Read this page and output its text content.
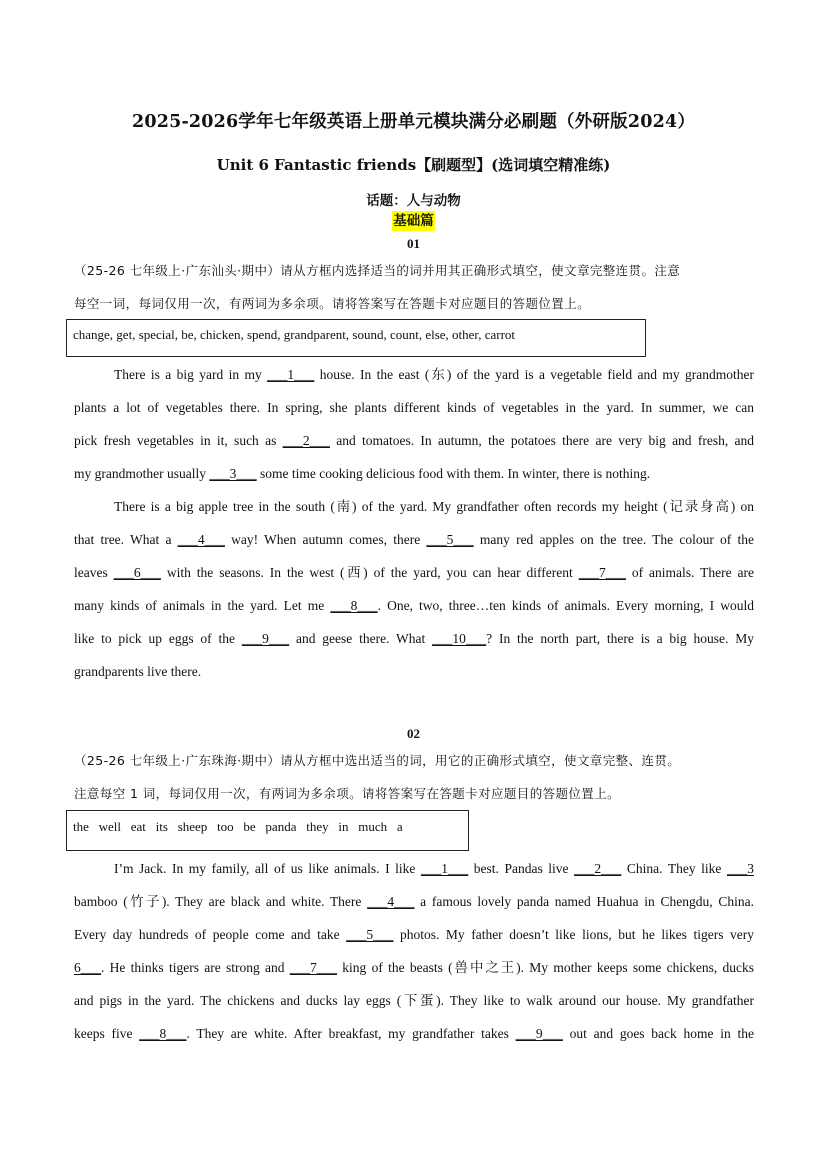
2025-2026学年七年级英语上册单元模块满分必刷题（外研版2024）
Unit 6 Fantastic friends【刷题型】(选词填空精准练)
话题：人与动物
基础篇
01
（25-26 七年级上·广东汕头·期中）请从方框内选择适当的词并用其正确形式填空，使文章完整连贯。注意
每空一词，每词仅用一次，有两词为多余项。请将答案写在答题卡对应题目的答题位置上。
change, get, special, be, chicken, spend, grandparent, sound, count, else, other, carrot
There is a big yard in my ___1___ house. In the east (东) of the yard is a vegetable field and my grandmother
plants a lot of vegetables there. In spring, she plants different kinds of vegetables in the yard. In summer, we can
pick fresh vegetables in it, such as ___2___ and tomatoes. In autumn, the potatoes there are very big and fresh, and
my grandmother usually ___3___ some time cooking delicious food with them. In winter, there is nothing.
There is a big apple tree in the south (南) of the yard. My grandfather often records my height (记录身高) on
that tree. What a ___4___ way! When autumn comes, there ___5___ many red apples on the tree. The colour of the
leaves ___6___ with the seasons. In the west (西) of the yard, you can hear different ___7___ of animals. There are
many kinds of animals in the yard. Let me ___8___. One, two, three…ten kinds of animals. Every morning, I would
like to pick up eggs of the ___9___ and geese there. What ___10___? In the north part, there is a big house. My
grandparents live there.
02
（25-26 七年级上·广东珠海·期中）请从方框中选出适当的词，用它的正确形式填空，使文章完整、连贯。
注意每空 1 词，每词仅用一次，有两词为多余项。请将答案写在答题卡对应题目的答题位置上。
the   well   eat   its   sheep   too   be   panda   they   in   much   a
I’m Jack. In my family, all of us like animals. I like ___1___ best. Pandas live ___2___ China. They like ___3
bamboo (竹子). They are black and white. There ___4___ a famous lovely panda named Huahua in Chengdu, China.
Every day hundreds of people come and take ___5___ photos. My father doesn’t like lions, but he likes tigers very
6___. He thinks tigers are strong and ___7___ king of the beasts (兽中之王). My mother keeps some chickens, ducks
and pigs in the yard. The chickens and ducks lay eggs (下蛋). They like to walk around our house. My grandfather
keeps five ___8___. They are white. After breakfast, my grandfather takes ___9___ out and goes back home in the
